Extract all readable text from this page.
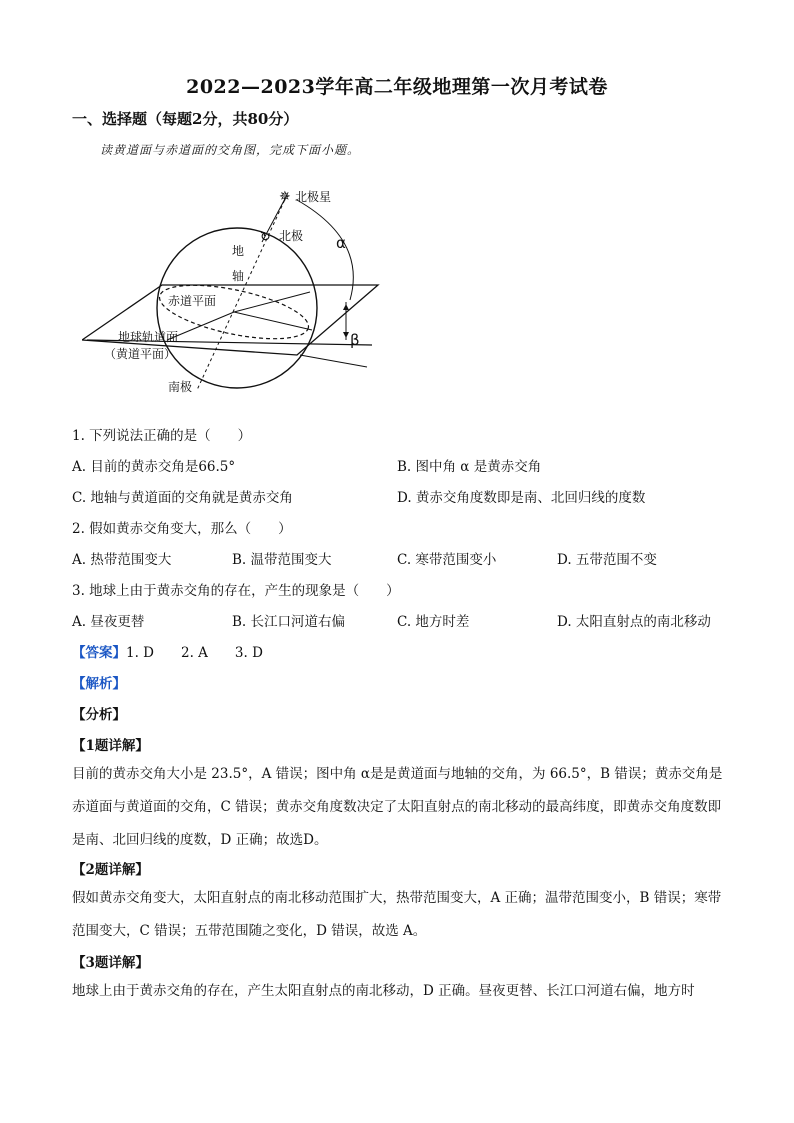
2022—2023学年高二年级地理第一次月考试卷
一、选择题（每题2分，共80分）
读黄道面与赤道面的交角图，完成下面小题。
✵ 北极星
↻ 北极
地
轴
赤道平面
地球轨道面
（黄道平面）
南极
α
β
1. 下列说法正确的是（　　）
A. 目前的黄赤交角是66.5°	B. 图中角 α 是黄赤交角
C. 地轴与黄道面的交角就是黄赤交角	D. 黄赤交角度数即是南、北回归线的度数
2. 假如黄赤交角变大，那么（　　）
A. 热带范围变大	B. 温带范围变大	C. 寒带范围变小	D. 五带范围不变
3. 地球上由于黄赤交角的存在，产生的现象是（　　）
A. 昼夜更替	B. 长江口河道右偏	C. 地方时差	D. 太阳直射点的南北移动
【答案】1. D　　2. A　　3. D
【解析】
【分析】
【1题详解】
目前的黄赤交角大小是 23.5°，A 错误；图中角 α是是黄道面与地轴的交角，为 66.5°，B 错误；黄赤交角是赤道面与黄道面的交角，C 错误；黄赤交角度数决定了太阳直射点的南北移动的最高纬度，即黄赤交角度数即是南、北回归线的度数，D 正确；故选D。
【2题详解】
假如黄赤交角变大，太阳直射点的南北移动范围扩大，热带范围变大，A 正确；温带范围变小，B 错误；寒带范围变大，C 错误；五带范围随之变化，D 错误，故选 A。
【3题详解】
地球上由于黄赤交角的存在，产生太阳直射点的南北移动，D 正确。昼夜更替、长江口河道右偏，地方时
